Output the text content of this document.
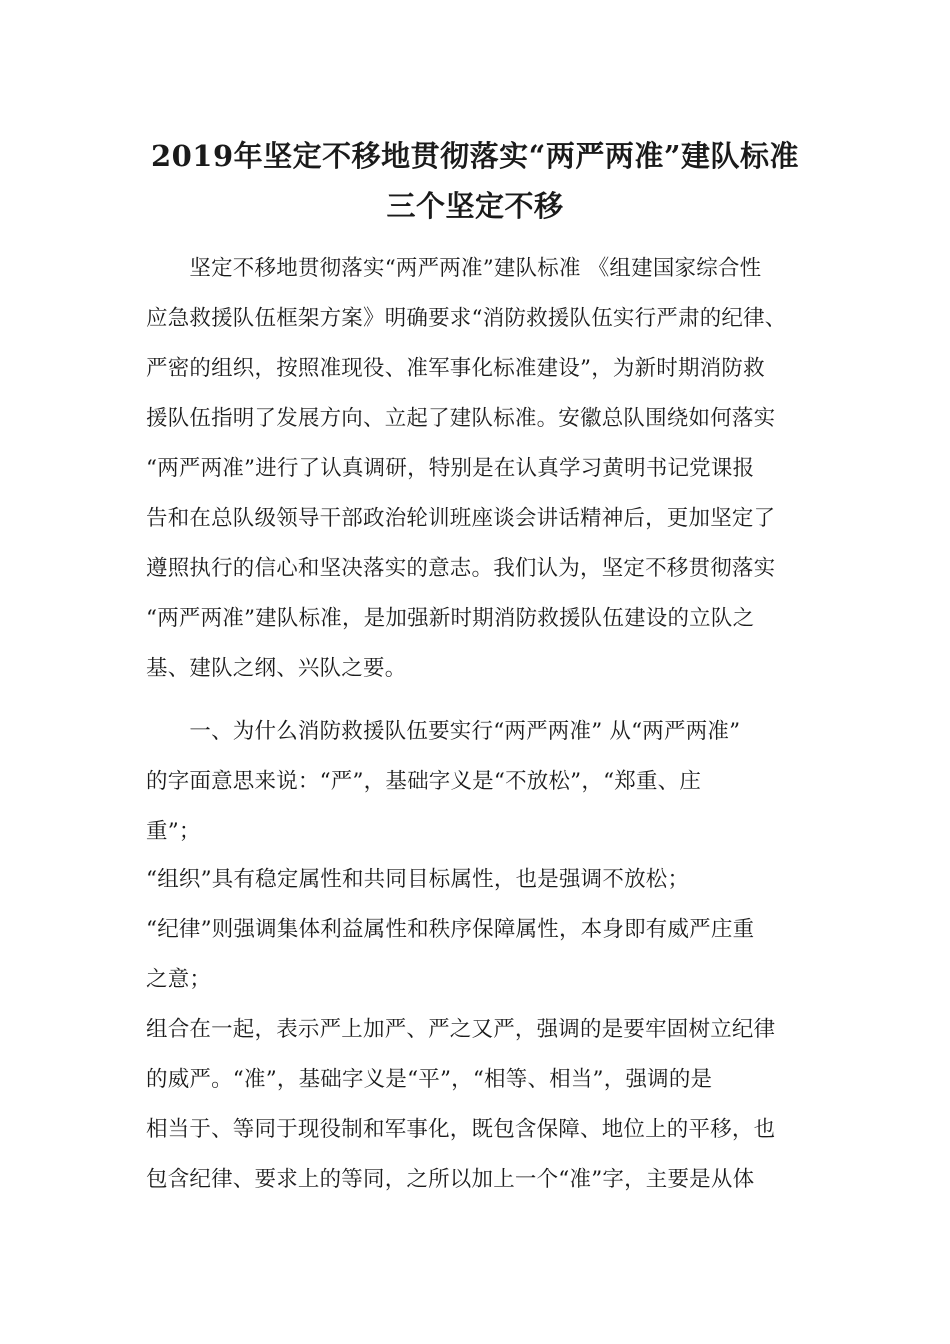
2019年坚定不移地贯彻落实“两严两准”建队标准
三个坚定不移
　　坚定不移地贯彻落实“两严两准”建队标准 《组建国家综合性
应急救援队伍框架方案》明确要求“消防救援队伍实行严肃的纪律、
严密的组织，按照准现役、准军事化标准建设”，为新时期消防救
援队伍指明了发展方向、立起了建队标准。安徽总队围绕如何落实
“两严两准”进行了认真调研，特别是在认真学习黄明书记党课报
告和在总队级领导干部政治轮训班座谈会讲话精神后，更加坚定了
遵照执行的信心和坚决落实的意志。我们认为，坚定不移贯彻落实
“两严两准”建队标准，是加强新时期消防救援队伍建设的立队之
基、建队之纲、兴队之要。
　　一、为什么消防救援队伍要实行“两严两准” 从“两严两准”
的字面意思来说：“严”，基础字义是“不放松”，“郑重、庄
重”；
“组织”具有稳定属性和共同目标属性，也是强调不放松；
“纪律”则强调集体利益属性和秩序保障属性，本身即有威严庄重
之意；
组合在一起，表示严上加严、严之又严，强调的是要牢固树立纪律
的威严。“准”，基础字义是“平”，“相等、相当”，强调的是
相当于、等同于现役制和军事化，既包含保障、地位上的平移，也
包含纪律、要求上的等同，之所以加上一个“准”字，主要是从体
